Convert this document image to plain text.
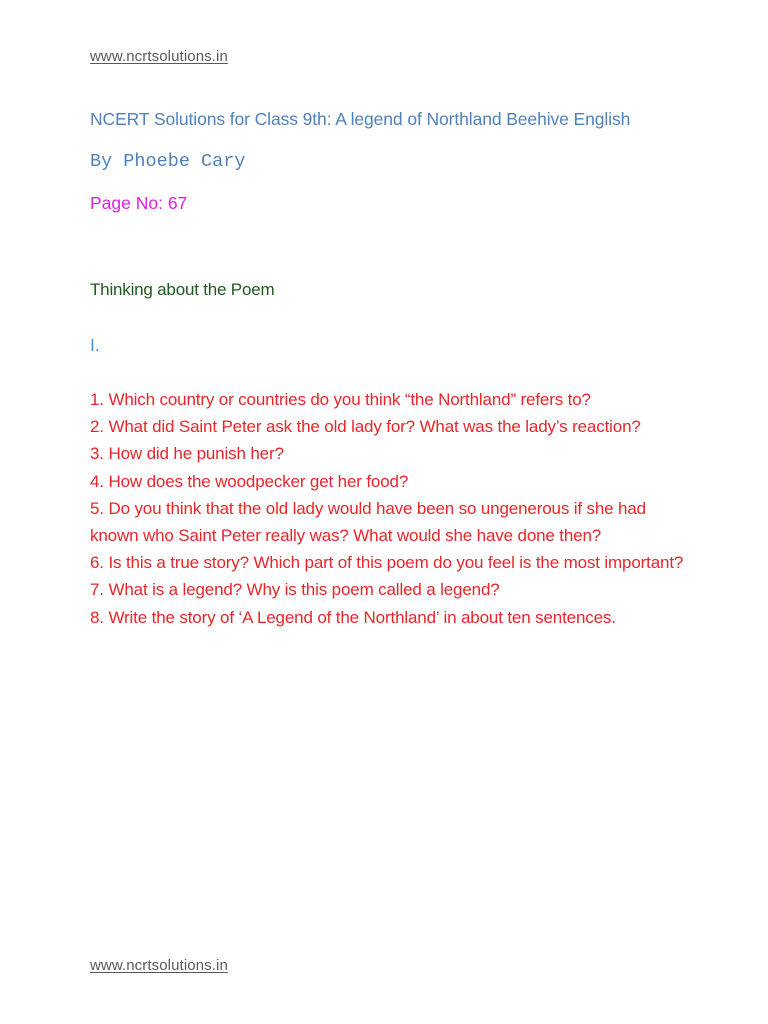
www.ncrtsolutions.in
NCERT Solutions for Class 9th: A legend of Northland Beehive English
By Phoebe Cary
Page No: 67
Thinking about the Poem
I.
1. Which country or countries do you think “the Northland” refers to?
2. What did Saint Peter ask the old lady for? What was the lady’s reaction?
3. How did he punish her?
4. How does the woodpecker get her food?
5. Do you think that the old lady would have been so ungenerous if she had known who Saint Peter really was? What would she have done then?
6. Is this a true story? Which part of this poem do you feel is the most important?
7. What is a legend? Why is this poem called a legend?
8. Write the story of ‘A Legend of the Northland’ in about ten sentences.
www.ncrtsolutions.in
